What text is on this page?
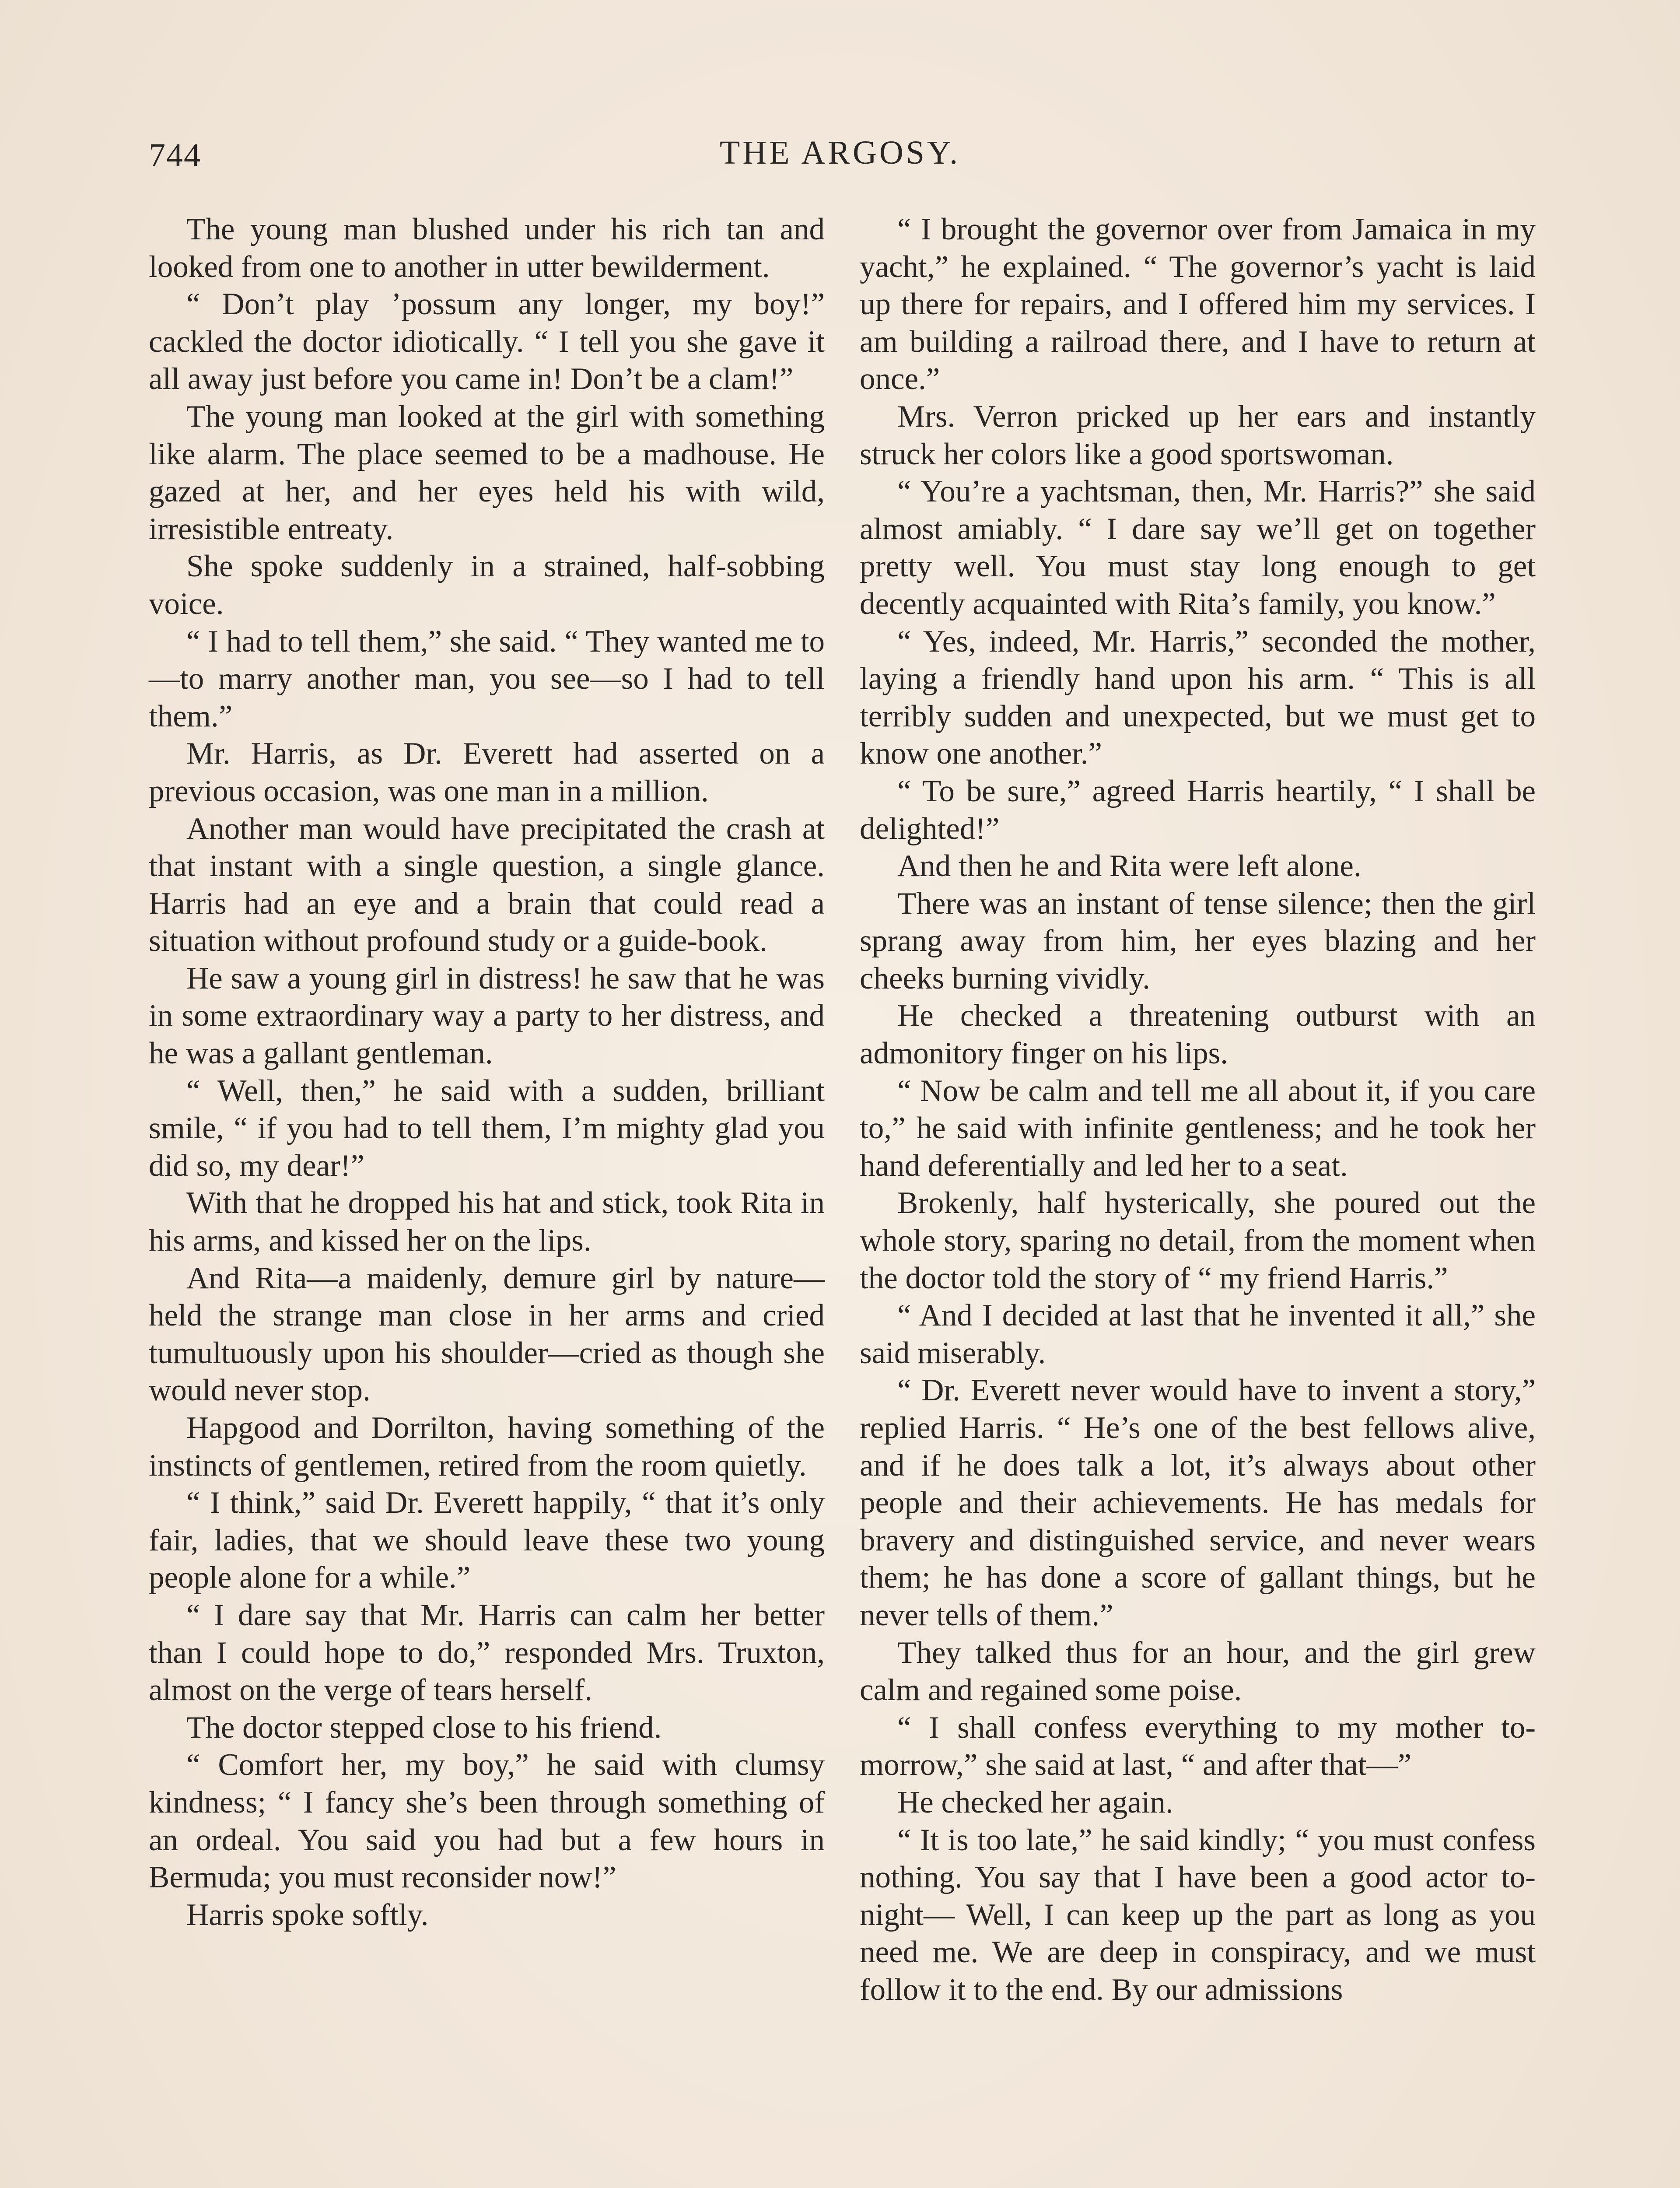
744	THE ARGOSY.

The young man blushed under his rich tan and looked from one to another in utter bewilderment.

“ Don’t play ’possum any longer, my boy!” cackled the doctor idiotically. “ I tell you she gave it all away just before you came in! Don’t be a clam!”

The young man looked at the girl with something like alarm. The place seemed to be a madhouse. He gazed at her, and her eyes held his with wild, irresistible entreaty.

She spoke suddenly in a strained, half-sobbing voice.

“ I had to tell them,” she said. “ They wanted me to—to marry another man, you see—so I had to tell them.”

Mr. Harris, as Dr. Everett had asserted on a previous occasion, was one man in a million.

Another man would have precipitated the crash at that instant with a single question, a single glance. Harris had an eye and a brain that could read a situation without profound study or a guide-book.

He saw a young girl in distress! he saw that he was in some extraordinary way a party to her distress, and he was a gallant gentleman.

“ Well, then,” he said with a sudden, brilliant smile, “ if you had to tell them, I’m mighty glad you did so, my dear!”

With that he dropped his hat and stick, took Rita in his arms, and kissed her on the lips.

And Rita—a maidenly, demure girl by nature—held the strange man close in her arms and cried tumultuously upon his shoulder—cried as though she would never stop.

Hapgood and Dorrilton, having something of the instincts of gentlemen, retired from the room quietly.

“ I think,” said Dr. Everett happily, “ that it’s only fair, ladies, that we should leave these two young people alone for a while.”

“ I dare say that Mr. Harris can calm her better than I could hope to do,” responded Mrs. Truxton, almost on the verge of tears herself.

The doctor stepped close to his friend.

“ Comfort her, my boy,” he said with clumsy kindness; “ I fancy she’s been through something of an ordeal. You said you had but a few hours in Bermuda; you must reconsider now!”

Harris spoke softly.

“ I brought the governor over from Jamaica in my yacht,” he explained. “ The governor’s yacht is laid up there for repairs, and I offered him my services. I am building a railroad there, and I have to return at once.”

Mrs. Verron pricked up her ears and instantly struck her colors like a good sportswoman.

“ You’re a yachtsman, then, Mr. Harris?” she said almost amiably. “ I dare say we’ll get on together pretty well. You must stay long enough to get decently acquainted with Rita’s family, you know.”

“ Yes, indeed, Mr. Harris,” seconded the mother, laying a friendly hand upon his arm. “ This is all terribly sudden and unexpected, but we must get to know one another.”

“ To be sure,” agreed Harris heartily, “ I shall be delighted!”

And then he and Rita were left alone.

There was an instant of tense silence; then the girl sprang away from him, her eyes blazing and her cheeks burning vividly.

He checked a threatening outburst with an admonitory finger on his lips.

“ Now be calm and tell me all about it, if you care to,” he said with infinite gentleness; and he took her hand deferentially and led her to a seat.

Brokenly, half hysterically, she poured out the whole story, sparing no detail, from the moment when the doctor told the story of “ my friend Harris.”

“ And I decided at last that he invented it all,” she said miserably.

“ Dr. Everett never would have to invent a story,” replied Harris. “ He’s one of the best fellows alive, and if he does talk a lot, it’s always about other people and their achievements. He has medals for bravery and distinguished service, and never wears them; he has done a score of gallant things, but he never tells of them.”

They talked thus for an hour, and the girl grew calm and regained some poise.

“ I shall confess everything to my mother to-morrow,” she said at last, “ and after that—”

He checked her again.

“ It is too late,” he said kindly; “ you must confess nothing. You say that I have been a good actor to-night— Well, I can keep up the part as long as you need me. We are deep in conspiracy, and we must follow it to the end. By our admissions
